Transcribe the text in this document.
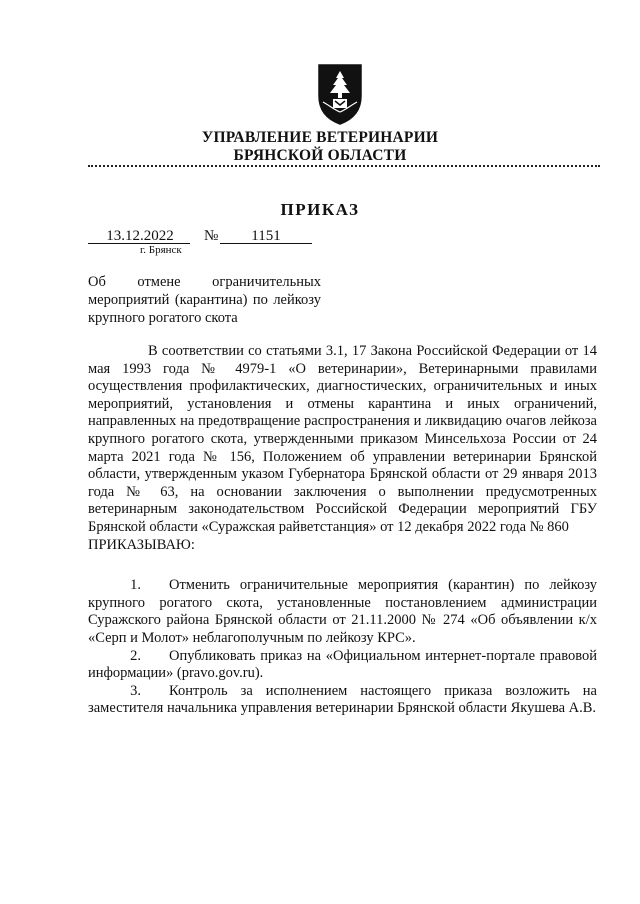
УПРАВЛЕНИЕ ВЕТЕРИНАРИИ
БРЯНСКОЙ ОБЛАСТИ
ПРИКАЗ
13.12.2022	№	1151
г. Брянск
Об отмене ограничительных мероприятий (карантина) по лейкозу крупного рогатого скота

В соответствии со статьями 3.1, 17 Закона Российской Федерации от 14 мая 1993 года № 4979-1 «О ветеринарии», Ветеринарными правилами осуществления профилактических, диагностических, ограничительных и иных мероприятий, установления и отмены карантина и иных ограничений, направленных на предотвращение распространения и ликвидацию очагов лейкоза крупного рогатого скота, утвержденными приказом Минсельхоза России от 24 марта 2021 года № 156, Положением об управлении ветеринарии Брянской области, утвержденным указом Губернатора Брянской области от 29 января 2013 года № 63, на основании заключения о выполнении предусмотренных ветеринарным законодательством Российской Федерации мероприятий ГБУ Брянской области «Суражская райветстанция» от 12 декабря 2022 года № 860

ПРИКАЗЫВАЮ:

1. Отменить ограничительные мероприятия (карантин) по лейкозу крупного рогатого скота, установленные постановлением администрации Суражского района Брянской области от 21.11.2000 № 274 «Об объявлении к/х «Серп и Молот» неблагополучным по лейкозу КРС».

2. Опубликовать приказ на «Официальном интернет-портале правовой информации» (pravo.gov.ru).

3. Контроль за исполнением настоящего приказа возложить на заместителя начальника управления ветеринарии Брянской области Якушева А.В.
